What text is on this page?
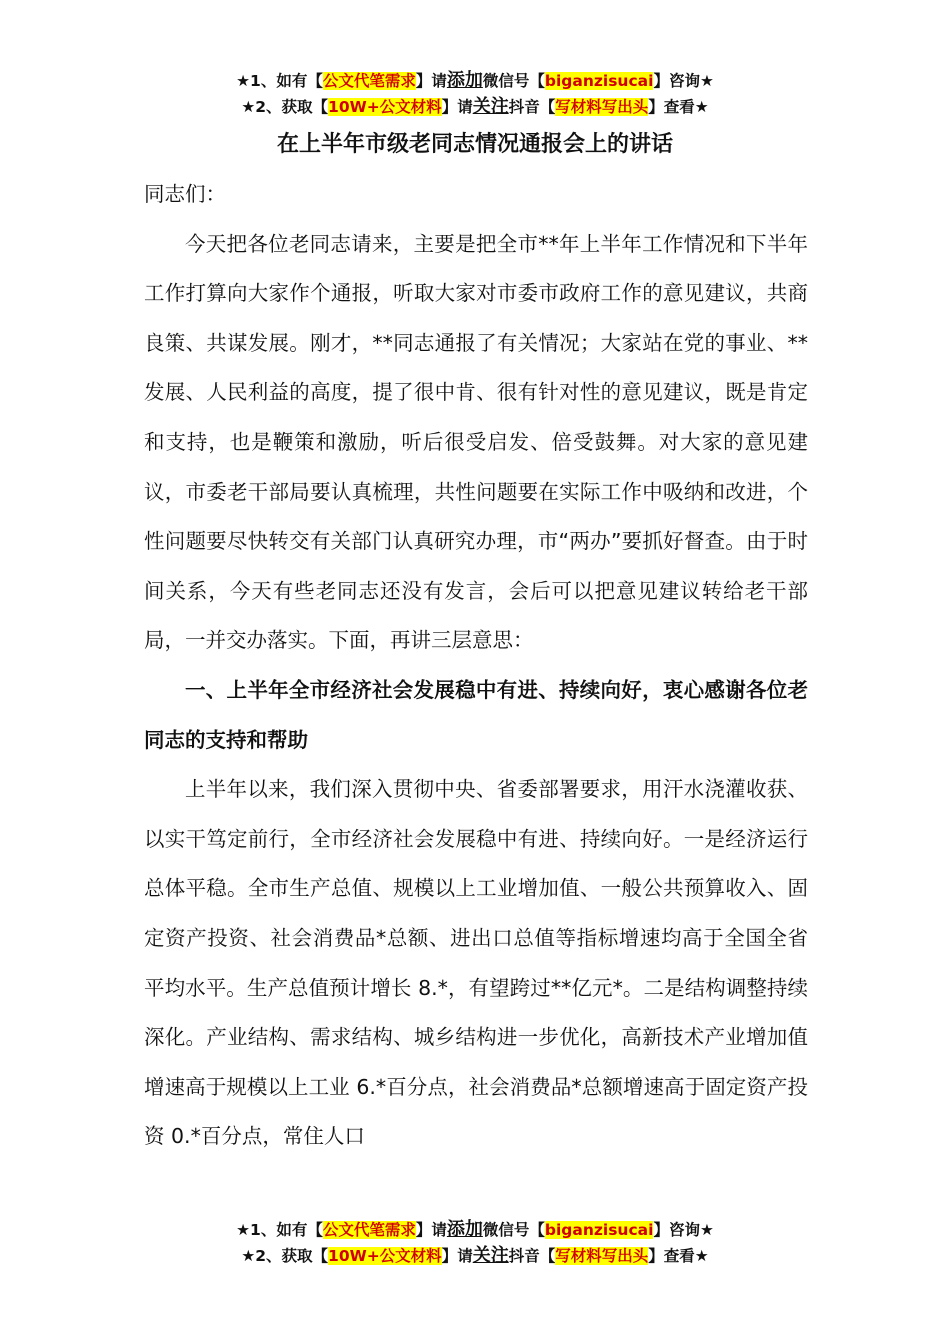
★1、如有【公文代笔需求】请添加微信号【biganzisucai】咨询★
★2、获取【10W+公文材料】请关注抖音【写材料写出头】查看★
在上半年市级老同志情况通报会上的讲话

同志们：

今天把各位老同志请来，主要是把全市**年上半年工作情况和下半年工作打算向大家作个通报，听取大家对市委市政府工作的意见建议，共商良策、共谋发展。刚才，**同志通报了有关情况；大家站在党的事业、**发展、人民利益的高度，提了很中肯、很有针对性的意见建议，既是肯定和支持，也是鞭策和激励，听后很受启发、倍受鼓舞。对大家的意见建议，市委老干部局要认真梳理，共性问题要在实际工作中吸纳和改进，个性问题要尽快转交有关部门认真研究办理，市“两办”要抓好督查。由于时间关系，今天有些老同志还没有发言，会后可以把意见建议转给老干部局，一并交办落实。下面，再讲三层意思：

一、上半年全市经济社会发展稳中有进、持续向好，衷心感谢各位老同志的支持和帮助

上半年以来，我们深入贯彻中央、省委部署要求，用汗水浇灌收获、以实干笃定前行，全市经济社会发展稳中有进、持续向好。一是经济运行总体平稳。全市生产总值、规模以上工业增加值、一般公共预算收入、固定资产投资、社会消费品*总额、进出口总值等指标增速均高于全国全省平均水平。生产总值预计增长 8.*，有望跨过**亿元*。二是结构调整持续深化。产业结构、需求结构、城乡结构进一步优化，高新技术产业增加值增速高于规模以上工业 6.*百分点，社会消费品*总额增速高于固定资产投资 0.*百分点，常住人口

★1、如有【公文代笔需求】请添加微信号【biganzisucai】咨询★
★2、获取【10W+公文材料】请关注抖音【写材料写出头】查看★
